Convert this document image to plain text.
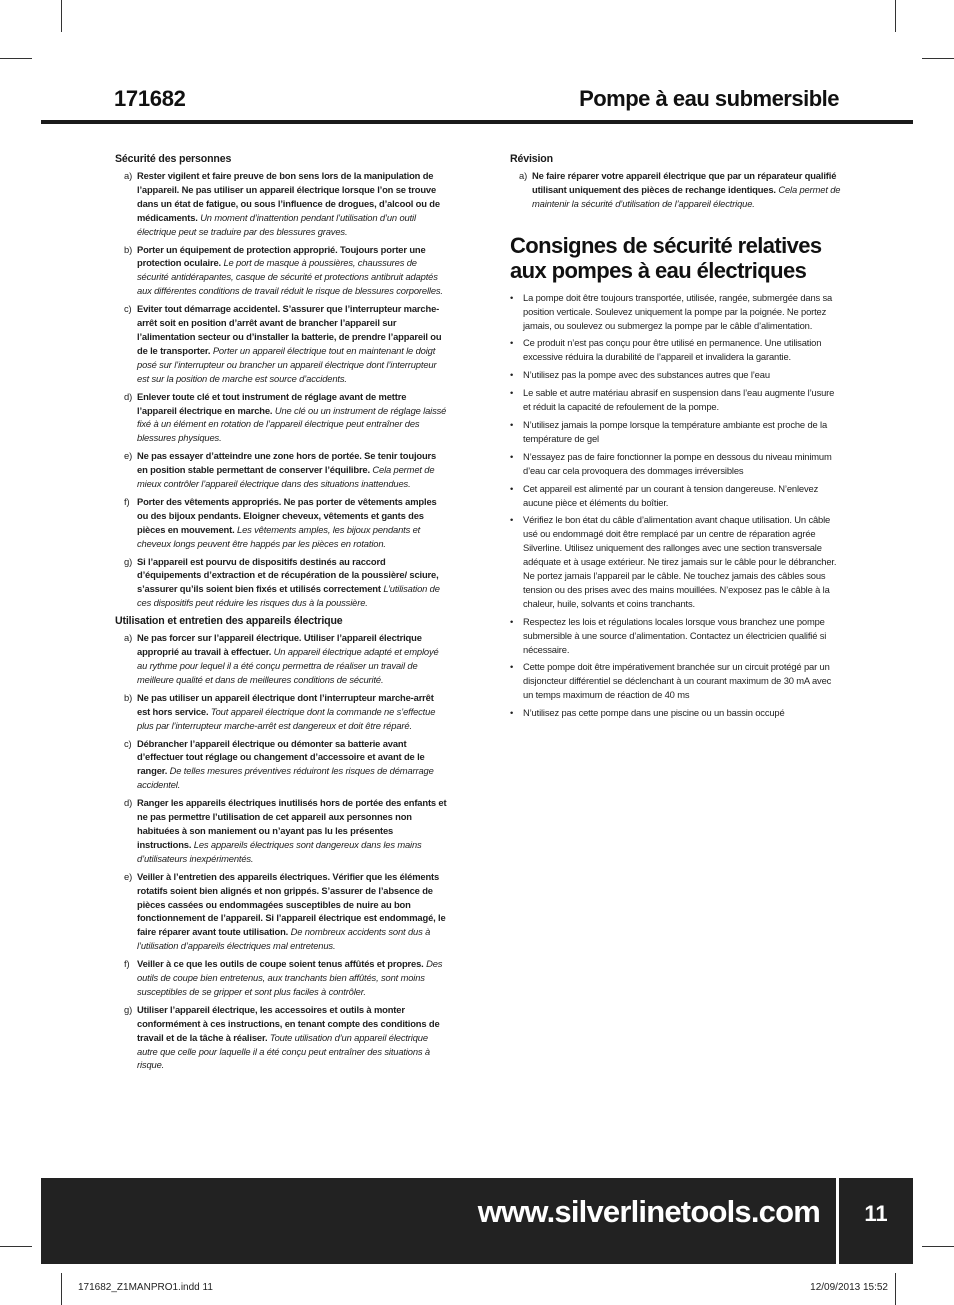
171682	Pompe à eau submersible
Sécurité des personnes
a) Rester vigilent et faire preuve de bon sens lors de la manipulation de l’appareil. Ne pas utiliser un appareil électrique lorsque l’on se trouve dans un état de fatigue, ou sous l’influence de drogues, d’alcool ou de médicaments. Un moment d’inattention pendant l’utilisation d’un outil électrique peut se traduire par des blessures graves.
b) Porter un équipement de protection approprié. Toujours porter une protection oculaire. Le port de masque à poussières, chaussures de sécurité antidérapantes, casque de sécurité et protections antibruit adaptés aux différentes conditions de travail réduit le risque de blessures corporelles.
c) Eviter tout démarrage accidentel. S’assurer que l’interrupteur marche-arrêt soit en position d’arrêt avant de brancher l’appareil sur l’alimentation secteur ou d’installer la batterie, de prendre l’appareil ou de le transporter. Porter un appareil électrique tout en maintenant le doigt posé sur l’interrupteur ou brancher un appareil électrique dont l’interrupteur est sur la position de marche est source d’accidents.
d) Enlever toute clé et tout instrument de réglage avant de mettre l’appareil électrique en marche. Une clé ou un instrument de réglage laissé fixé à un élément en rotation de l’appareil électrique peut entraîner des blessures physiques.
e) Ne pas essayer d’atteindre une zone hors de portée. Se tenir toujours en position stable permettant de conserver l’équilibre. Cela permet de mieux contrôler l’appareil électrique dans des situations inattendues.
f) Porter des vêtements appropriés. Ne pas porter de vêtements amples ou des bijoux pendants. Eloigner cheveux, vêtements et gants des pièces en mouvement. Les vêtements amples, les bijoux pendants et cheveux longs peuvent être happés par les pièces en rotation.
g) Si l’appareil est pourvu de dispositifs destinés au raccord d’équipements d’extraction et de récupération de la poussière/ sciure, s’assurer qu’ils soient bien fixés et utilisés correctement L’utilisation de ces dispositifs peut réduire les risques dus à la poussière.
Utilisation et entretien des appareils électrique
a) Ne pas forcer sur l’appareil électrique. Utiliser l’appareil électrique approprié au travail à effectuer. Un appareil électrique adapté et employé au rythme pour lequel il a été conçu permettra de réaliser un travail de meilleure qualité et dans de meilleures conditions de sécurité.
b) Ne pas utiliser un appareil électrique dont l’interrupteur marche-arrêt est hors service. Tout appareil électrique dont la commande ne s’effectue plus par l’interrupteur marche-arrêt est dangereux et doit être réparé.
c) Débrancher l’appareil électrique ou démonter sa batterie avant d’effectuer tout réglage ou changement d’accessoire et avant de le ranger. De telles mesures préventives réduiront les risques de démarrage accidentel.
d) Ranger les appareils électriques inutilisés hors de portée des enfants et ne pas permettre l’utilisation de cet appareil aux personnes non habituées à son maniement ou n’ayant pas lu les présentes instructions. Les appareils électriques sont dangereux dans les mains d’utilisateurs inexpérimentés.
e) Veiller à l’entretien des appareils électriques. Vérifier que les éléments rotatifs soient bien alignés et non grippés. S’assurer de l’absence de pièces cassées ou endommagées susceptibles de nuire au bon fonctionnement de l’appareil. Si l’appareil électrique est endommagé, le faire réparer avant toute utilisation. De nombreux accidents sont dus à l’utilisation d’appareils électriques mal entretenus.
f) Veiller à ce que les outils de coupe soient tenus affûtés et propres. Des outils de coupe bien entretenus, aux tranchants bien affûtés, sont moins susceptibles de se gripper et sont plus faciles à contrôler.
g) Utiliser l’appareil électrique, les accessoires et outils à monter conformément à ces instructions, en tenant compte des conditions de travail et de la tâche à réaliser. Toute utilisation d’un appareil électrique autre que celle pour laquelle il a été conçu peut entraîner des situations à risque.
Révision
a) Ne faire réparer votre appareil électrique que par un réparateur qualifié utilisant uniquement des pièces de rechange identiques. Cela permet de maintenir la sécurité d’utilisation de l’appareil électrique.
Consignes de sécurité relatives aux pompes à eau électriques
• La pompe doit être toujours transportée, utilisée, rangée, submergée dans sa position verticale. Soulevez uniquement la pompe par la poignée. Ne portez jamais, ou soulevez ou submergez la pompe par le câble d’alimentation.
• Ce produit n’est pas conçu pour être utilisé en permanence. Une utilisation excessive réduira la durabilité de l’appareil et invalidera la garantie.
• N’utilisez pas la pompe avec des substances autres que l’eau
• Le sable et autre matériau abrasif en suspension dans l’eau augmente l’usure et réduit la capacité de refoulement de la pompe.
• N’utilisez jamais la pompe lorsque la température ambiante est proche de la température de gel
• N’essayez pas de faire fonctionner la pompe en dessous du niveau minimum d’eau car cela provoquera des dommages irréversibles
• Cet appareil est alimenté par un courant à tension dangereuse. N’enlevez aucune pièce et éléments du boîtier.
• Vérifiez le bon état du câble d’alimentation avant chaque utilisation. Un câble usé ou endommagé doit être remplacé par un centre de réparation agrée Silverline. Utilisez uniquement des rallonges avec une section transversale adéquate et à usage extérieur. Ne tirez jamais sur le câble pour le débrancher. Ne portez jamais l’appareil par le câble. Ne touchez jamais des câbles sous tension ou des prises avec des mains mouillées. N’exposez pas le câble à la chaleur, huile, solvants et coins tranchants.
• Respectez les lois et régulations locales lorsque vous branchez une pompe submersible à une source d’alimentation. Contactez un électricien qualifié si nécessaire.
• Cette pompe doit être impérativement branchée sur un circuit protégé par un disjoncteur différentiel se déclenchant à un courant maximum de 30 mA avec un temps maximum de réaction de 40 ms
• N’utilisez pas cette pompe dans une piscine ou un bassin occupé
www.silverlinetools.com	11
171682_Z1MANPRO1.indd 11	12/09/2013 15:52
